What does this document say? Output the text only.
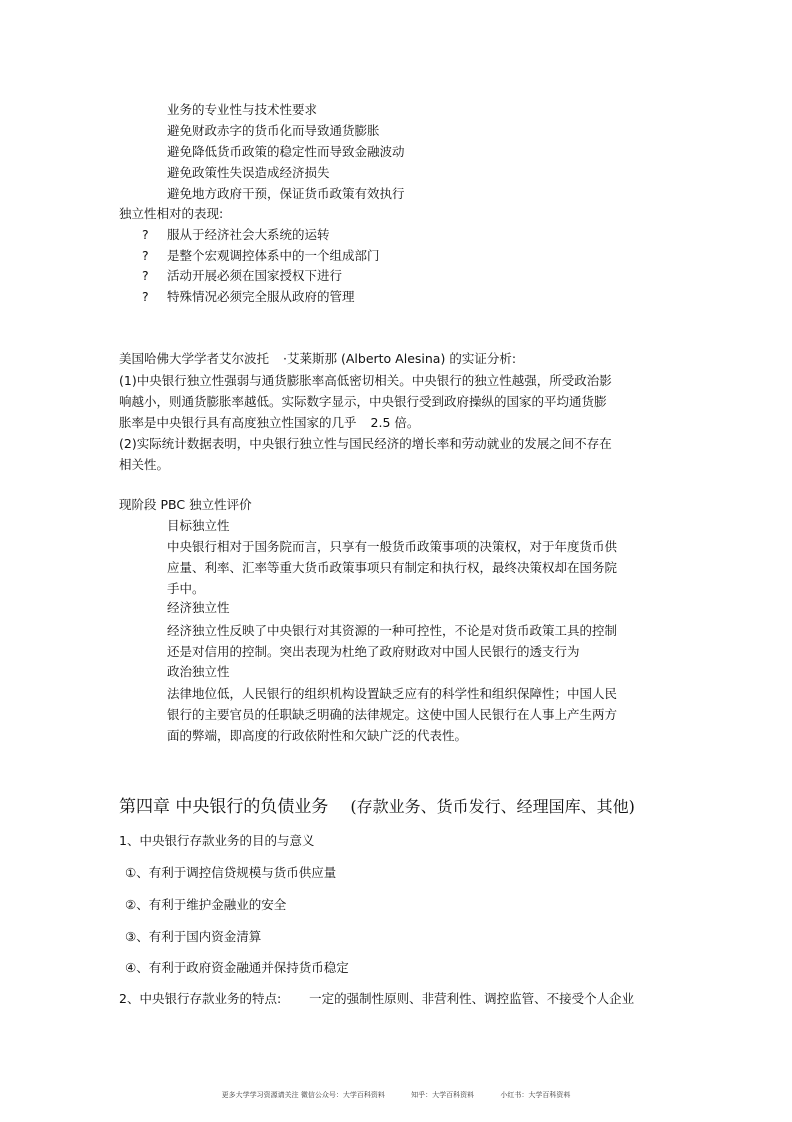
业务的专业性与技术性要求
避免财政赤字的货币化而导致通货膨胀
避免降低货币政策的稳定性而导致金融波动
避免政策性失误造成经济损失
避免地方政府干预，保证货币政策有效执行
独立性相对的表现:
? 服从于经济社会大系统的运转
? 是整个宏观调控体系中的一个组成部门
? 活动开展必须在国家授权下进行
? 特殊情况必须完全服从政府的管理
美国哈佛大学学者艾尔波托 ·艾莱斯那 (Alberto Alesina) 的实证分析:
(1)中央银行独立性强弱与通货膨胀率高低密切相关。中央银行的独立性越强，所受政治影响越小，则通货膨胀率越低。实际数字显示，中央银行受到政府操纵的国家的平均通货膨胀率是中央银行具有高度独立性国家的几乎 2.5 倍。
(2)实际统计数据表明，中央银行独立性与国民经济的增长率和劳动就业的发展之间不存在相关性。
现阶段 PBC 独立性评价
目标独立性
中央银行相对于国务院而言，只享有一般货币政策事项的决策权，对于年度货币供应量、利率、汇率等重大货币政策事项只有制定和执行权，最终决策权却在国务院手中。
经济独立性
经济独立性反映了中央银行对其资源的一种可控性，不论是对货币政策工具的控制还是对信用的控制。突出表现为杜绝了政府财政对中国人民银行的透支行为
政治独立性
法律地位低，人民银行的组织机构设置缺乏应有的科学性和组织保障性；中国人民银行的主要官员的任职缺乏明确的法律规定。这使中国人民银行在人事上产生两方面的弊端，即高度的行政依附性和欠缺广泛的代表性。
第四章 中央银行的负债业务 (存款业务、货币发行、经理国库、其他)
1、中央银行存款业务的目的与意义
①、有利于调控信贷规模与货币供应量
②、有利于维护金融业的安全
③、有利于国内资金清算
④、有利于政府资金融通并保持货币稳定
2、中央银行存款业务的特点: 一定的强制性原则、非营利性、调控监管、不接受个人企业
更多大学学习资源请关注 微信公众号：大学百科资料	知乎：大学百科资料	小红书：大学百科资料
